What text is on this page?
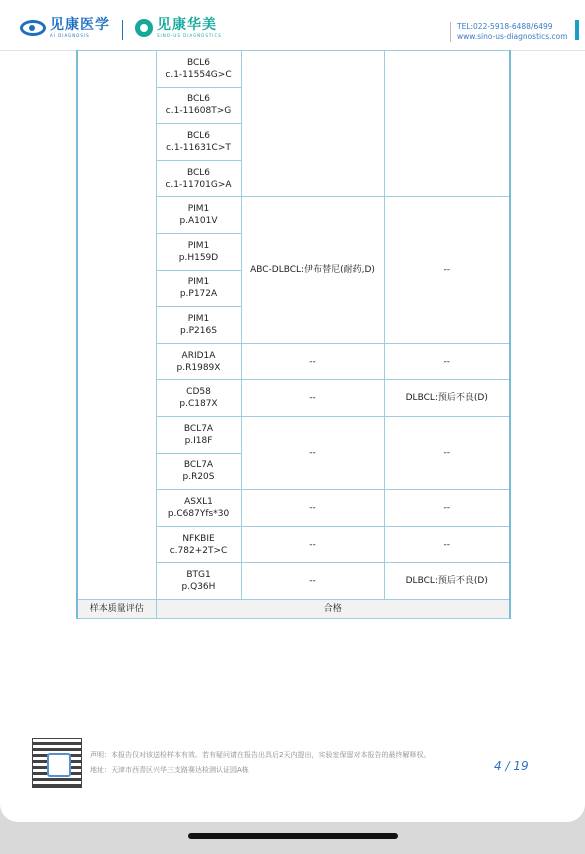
见康医学
AI DIAGNOSIS
见康华美
SINO-US DIAGNOSTICS
TEL:022-5918-6488/6499
www.sino-us-diagnostics.com

	BCL6
c.1-11554G>C		

	BCL6
c.1-11608T>G		

	BCL6
c.1-11631C>T		

	BCL6
c.1-11701G>A		

	PIM1
p.A101V	ABC-DLBCL:伊布替尼(耐药,D)	--

	PIM1
p.H159D		

	PIM1
p.P172A		

	PIM1
p.P216S		

	ARID1A
p.R1989X	--	--

	CD58
p.C187X	--	DLBCL:预后不良(D)

	BCL7A
p.I18F	--	--

	BCL7A
p.R20S		

	ASXL1
p.C687Yfs*30	--	--

	NFKBIE
c.782+2T>C	--	--

	BTG1
p.Q36H	--	DLBCL:预后不良(D)
样本质量评估	合格		
声明：本报告仅对该送检样本有效。若有疑问请在报告出具后2天内提出，实验室保留对本报告的最终解释权。
地址：天津市西青区兴华三支路赛达检测认证园A栋	4 / 19
